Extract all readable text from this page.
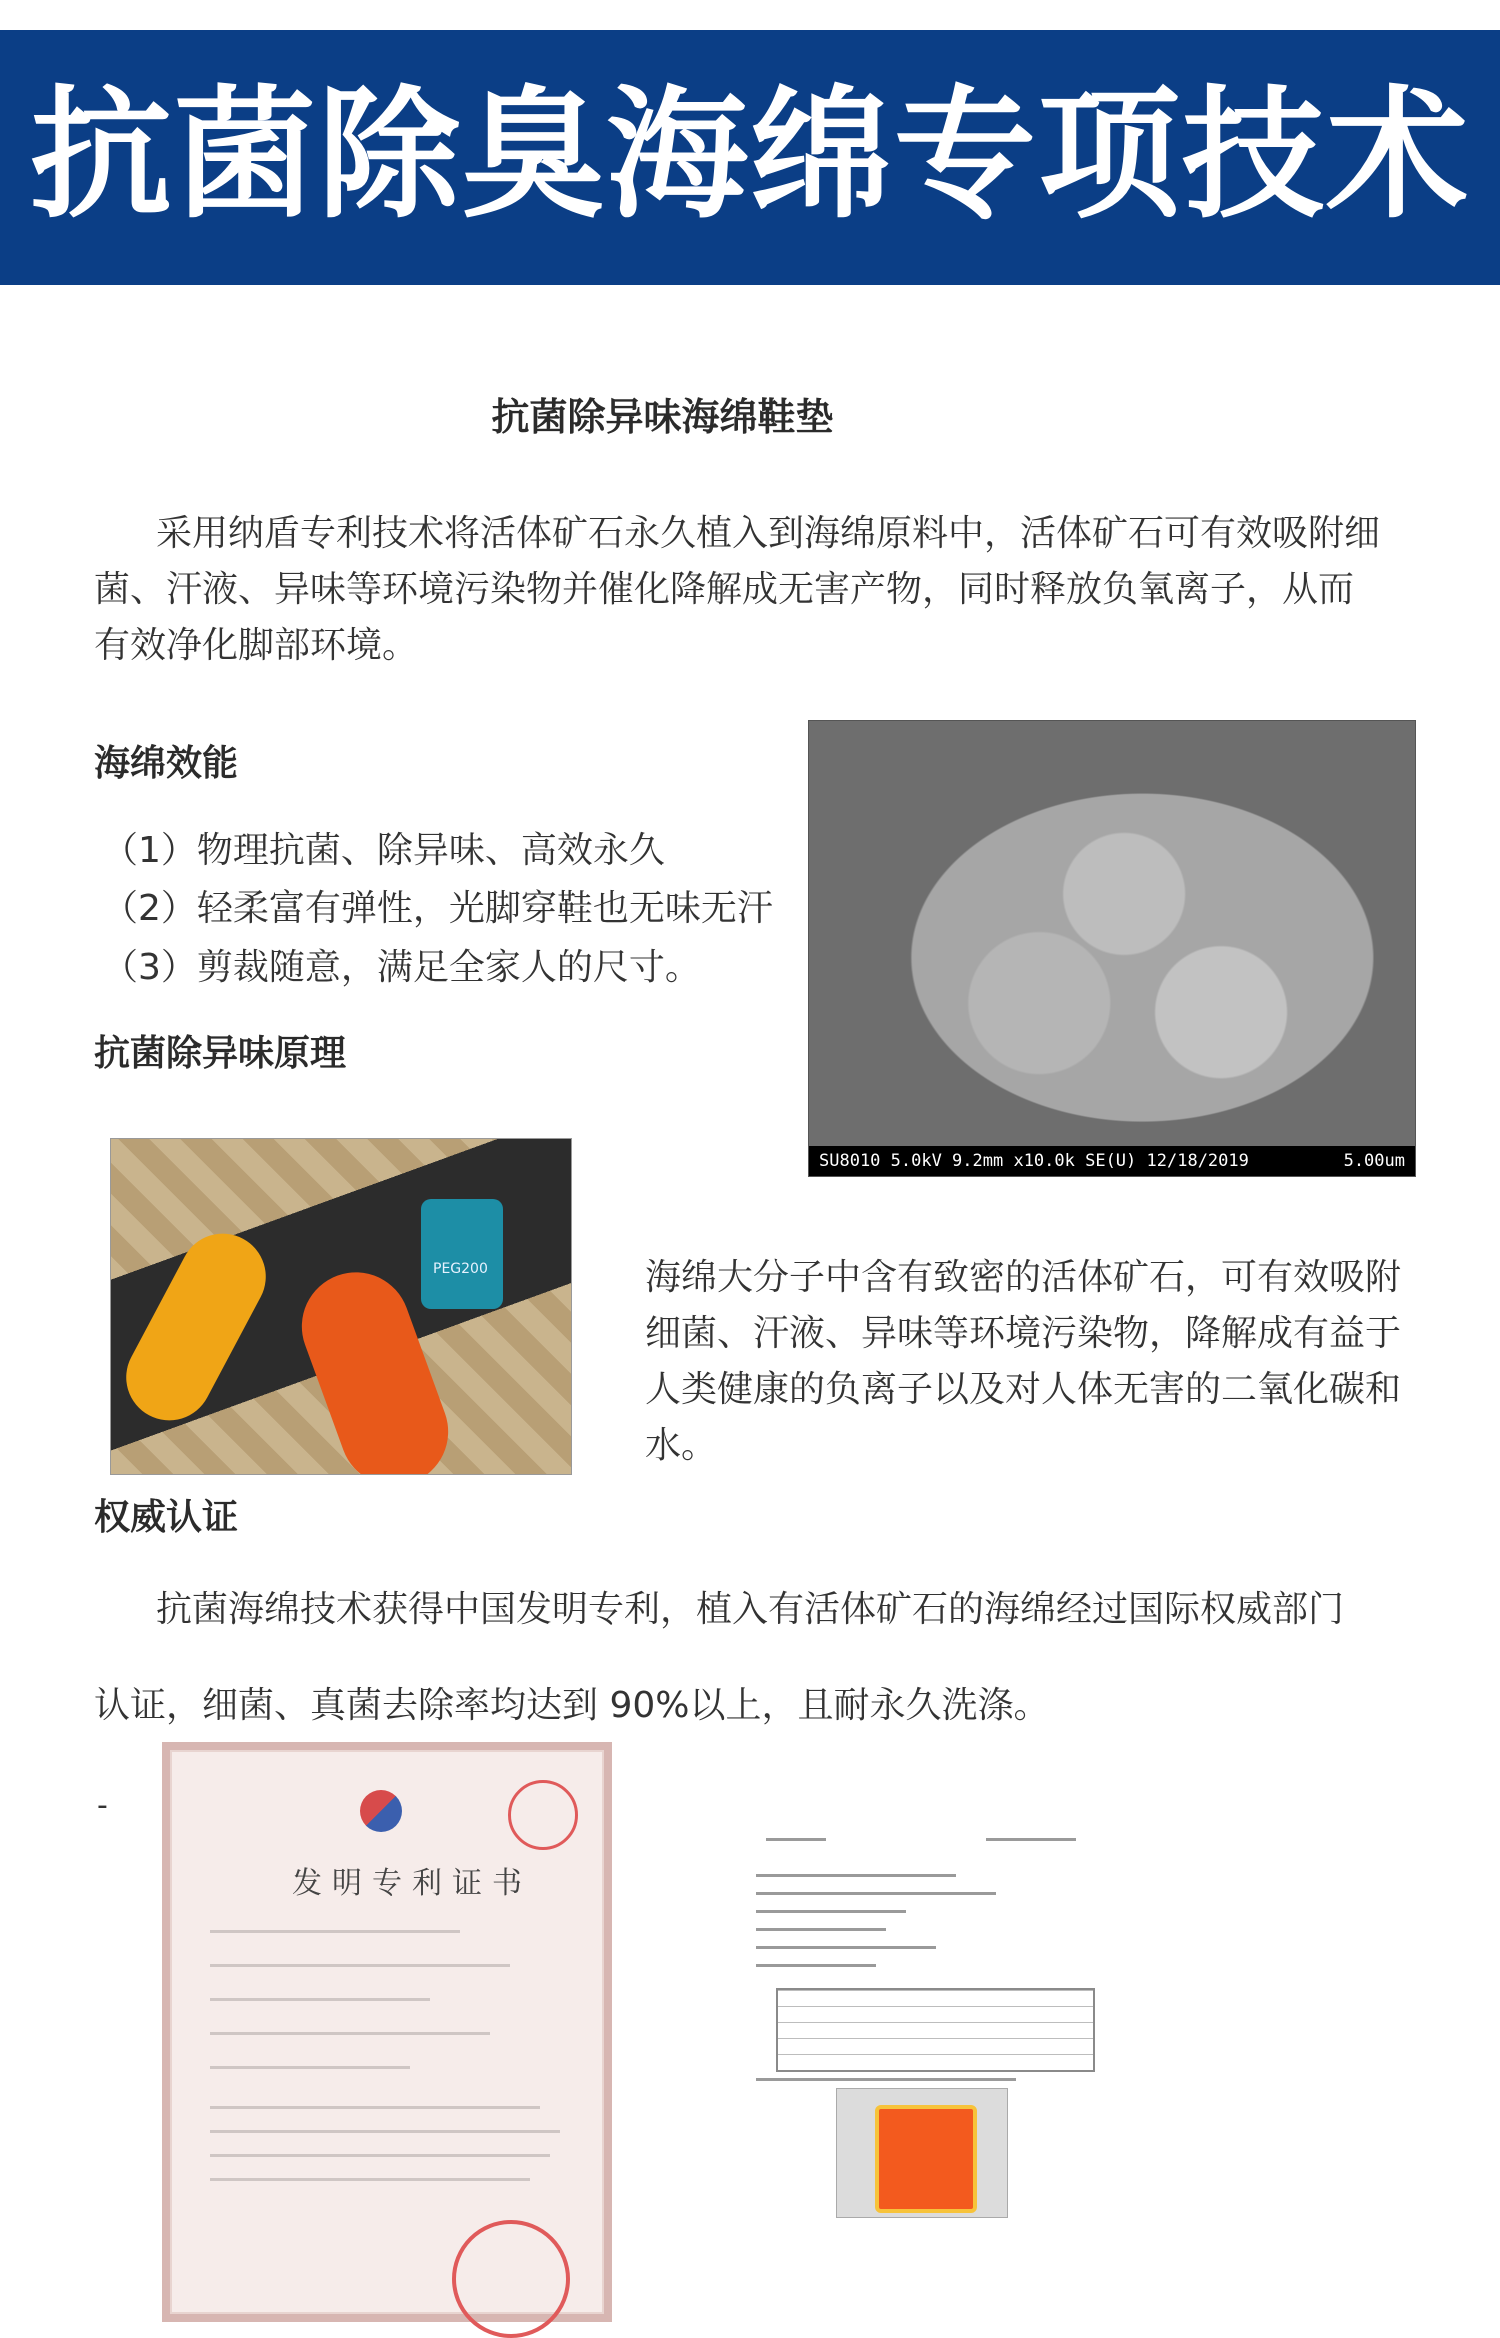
抗菌除臭海绵专项技术
抗菌除异味海绵鞋垫
采用纳盾专利技术将活体矿石永久植入到海绵原料中，活体矿石可有效吸附细菌、汗液、异味等环境污染物并催化降解成无害产物，同时释放负氧离子，从而有效净化脚部环境。
海绵效能
（1）物理抗菌、除异味、高效永久
（2）轻柔富有弹性，光脚穿鞋也无味无汗
（3）剪裁随意，满足全家人的尺寸。
抗菌除异味原理
SU8010 5.0kV 9.2mm x10.0k SE(U) 12/18/2019	5.00um
PEG200	海绵大分子中含有致密的活体矿石，可有效吸附细菌、汗液、异味等环境污染物，降解成有益于人类健康的负离子以及对人体无害的二氧化碳和水。
权威认证
抗菌海绵技术获得中国发明专利，植入有活体矿石的海绵经过国际权威部门
认证，细菌、真菌去除率均达到 90%以上，且耐永久洗涤。
-
发明专利证书
